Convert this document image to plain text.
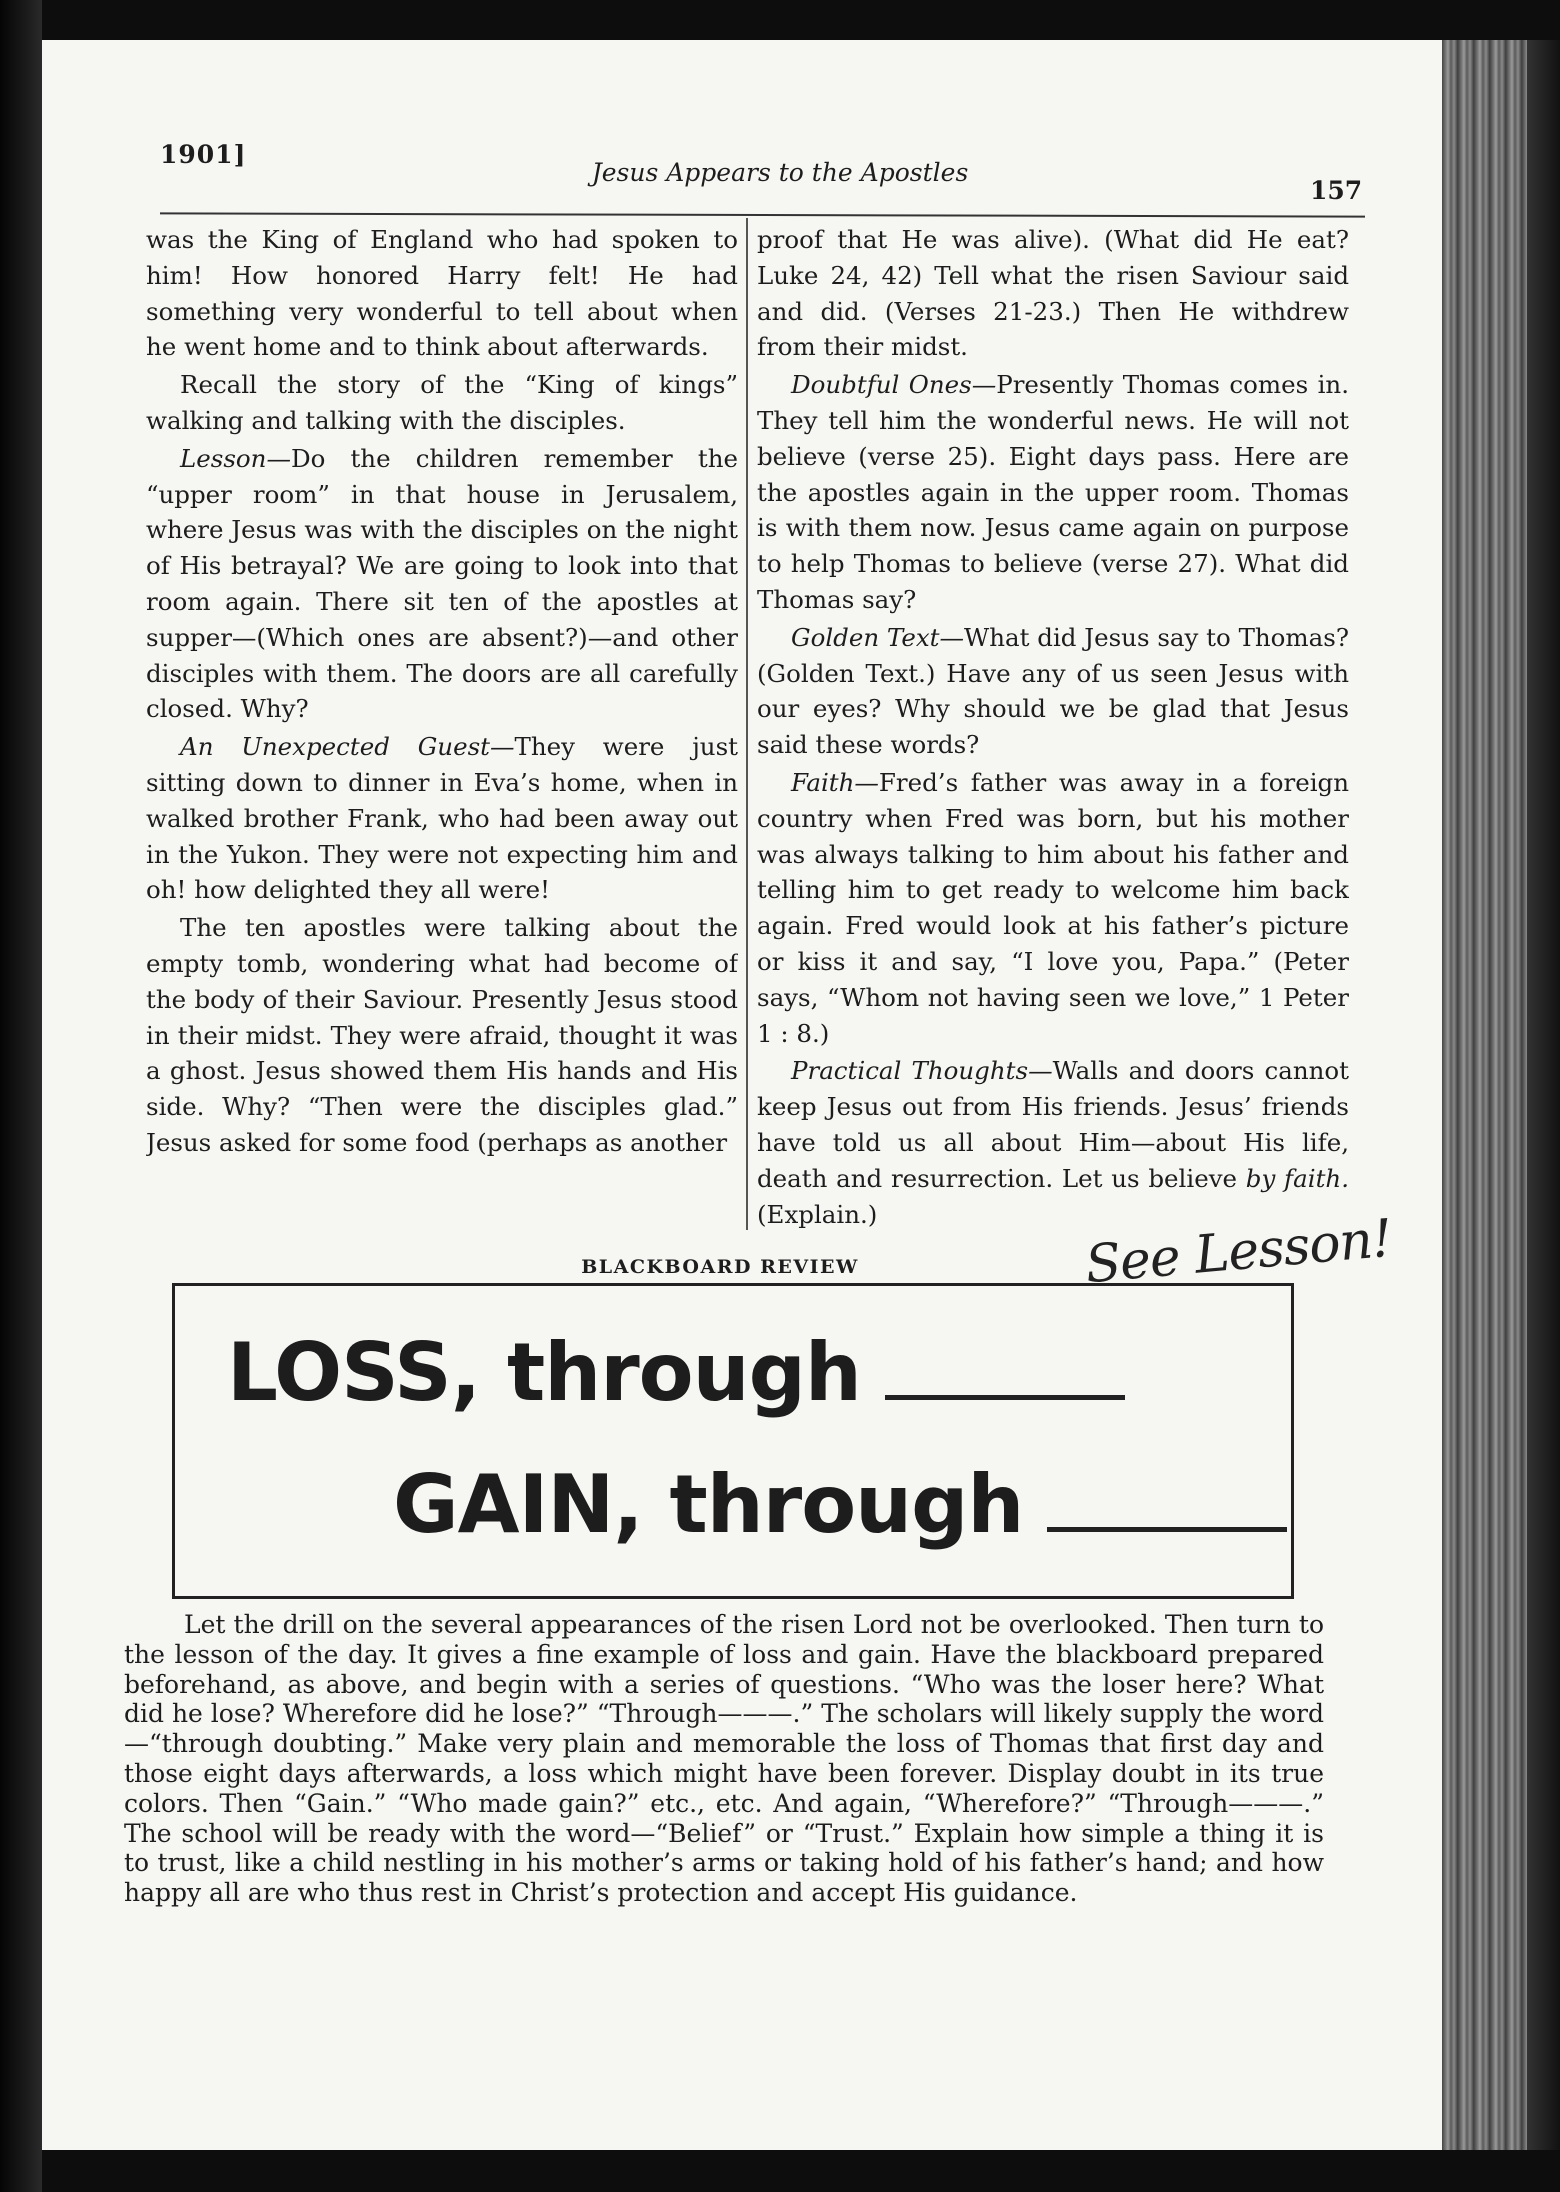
1901]
Jesus Appears to the Apostles
157

was the King of England who had spoken to him! How honored Harry felt! He had something very wonderful to tell about when he went home and to think about afterwards.

Recall the story of the “King of kings” walking and talking with the disciples.

Lesson—Do the children remember the “upper room” in that house in Jerusalem, where Jesus was with the disciples on the night of His betrayal? We are going to look into that room again. There sit ten of the apostles at supper—(Which ones are absent?)—and other disciples with them. The doors are all carefully closed. Why?

An Unexpected Guest—They were just sitting down to dinner in Eva’s home, when in walked brother Frank, who had been away out in the Yukon. They were not expecting him and oh! how delighted they all were!

The ten apostles were talking about the empty tomb, wondering what had become of the body of their Saviour. Presently Jesus stood in their midst. They were afraid, thought it was a ghost. Jesus showed them His hands and His side. Why? “Then were the disciples glad.” Jesus asked for some food (perhaps as another

proof that He was alive). (What did He eat? Luke 24, 42) Tell what the risen Saviour said and did. (Verses 21-23.) Then He withdrew from their midst.

Doubtful Ones—Presently Thomas comes in. They tell him the wonderful news. He will not believe (verse 25). Eight days pass. Here are the apostles again in the upper room. Thomas is with them now. Jesus came again on purpose to help Thomas to believe (verse 27). What did Thomas say?

Golden Text—What did Jesus say to Thomas? (Golden Text.) Have any of us seen Jesus with our eyes? Why should we be glad that Jesus said these words?

Faith—Fred’s father was away in a foreign country when Fred was born, but his mother was always talking to him about his father and telling him to get ready to welcome him back again. Fred would look at his father’s picture or kiss it and say, “I love you, Papa.” (Peter says, “Whom not having seen we love,” 1 Peter 1 : 8.)

Practical Thoughts—Walls and doors cannot keep Jesus out from His friends. Jesus’ friends have told us all about Him—about His life, death and resurrection. Let us believe by faith. (Explain.)

BLACKBOARD REVIEW	See Lesson!
LOSS, through
GAIN, through

Let the drill on the several appearances of the risen Lord not be overlooked. Then turn to the lesson of the day. It gives a fine example of loss and gain. Have the blackboard prepared beforehand, as above, and begin with a series of questions. “Who was the loser here? What did he lose? Wherefore did he lose?” “Through———.” The scholars will likely supply the word—“through doubting.” Make very plain and memorable the loss of Thomas that first day and those eight days afterwards, a loss which might have been forever. Display doubt in its true colors. Then “Gain.” “Who made gain?” etc., etc. And again, “Wherefore?” “Through———.” The school will be ready with the word—“Belief” or “Trust.” Explain how simple a thing it is to trust, like a child nestling in his mother’s arms or taking hold of his father’s hand; and how happy all are who thus rest in Christ’s protection and accept His guidance.
